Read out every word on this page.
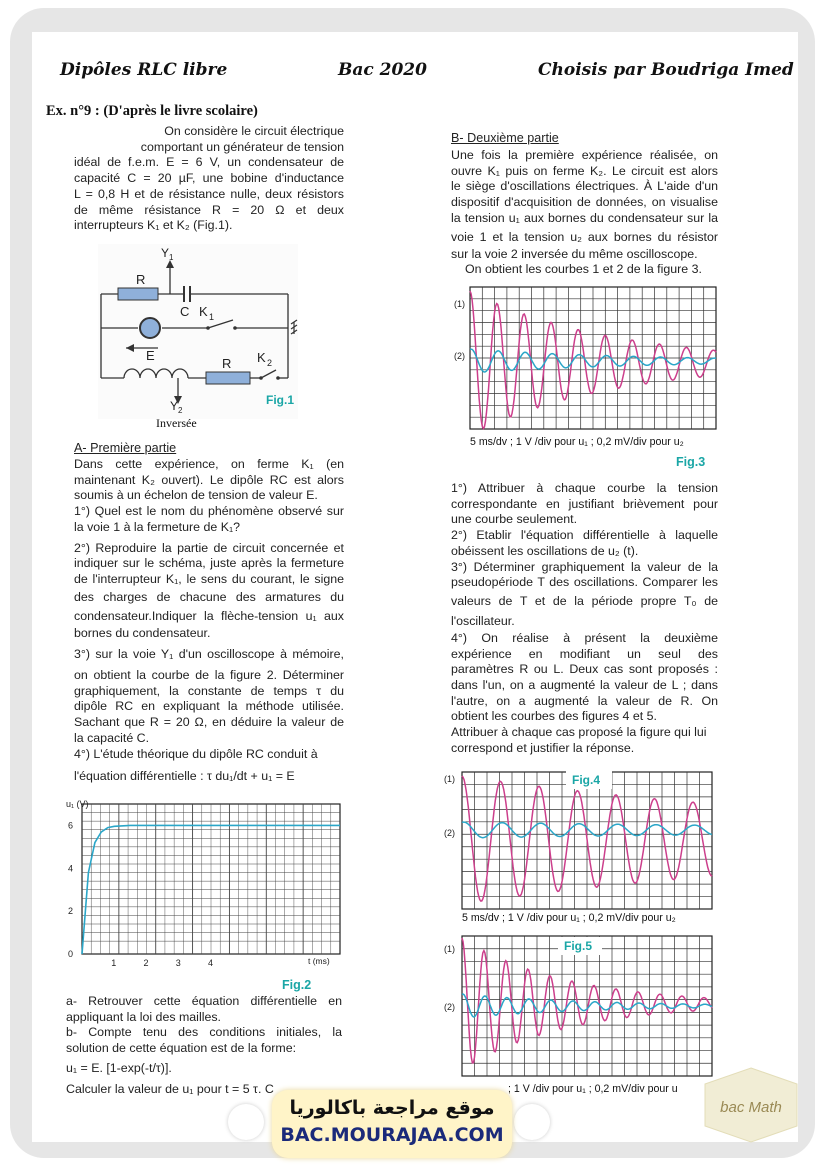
Dipôles RLC libre	Bac 2020	Choisis par Boudriga Imed
Ex. n°9 : (D'après le livre scolaire)
On considère le circuit électrique
comportant un générateur de tension
idéal de f.e.m. E = 6 V, un condensateur de
capacité C = 20 µF, une bobine d'inductance
L = 0,8 H et de résistance nulle, deux résistors
de même résistance R = 20 Ω et deux
interrupteurs K₁ et K₂ (Fig.1).
R
C K 1
E
R K 2
Y 1
Y 2
Fig.1
Inversée
A- Première partie
Dans cette expérience, on ferme K₁ (en
maintenant K₂ ouvert). Le dipôle RC est alors
soumis à un échelon de tension de valeur E.
1°) Quel est le nom du phénomène observé sur
la voie 1 à la fermeture de K₁?
2°) Reproduire la partie de circuit concernée et
indiquer sur le schéma, juste après la fermeture
de l'interrupteur K₁, le sens du courant, le signe
des charges de chacune des armatures du
condensateur.Indiquer la flèche-tension u₁ aux
bornes du condensateur.
3°) sur la voie Y₁ d'un oscilloscope à mémoire,
on obtient la courbe de la figure 2. Déterminer
graphiquement, la constante de temps τ du
dipôle RC en expliquant la méthode utilisée.
Sachant que R = 20 Ω, en déduire la valeur de
la capacité C.
4°) L'étude théorique du dipôle RC conduit à
l'équation différentielle : τ du₁/dt + u₁ = E
0
2
4
6
1	2	3	4
u₁ (V)
t (ms)
Fig.2
a- Retrouver cette équation différentielle en
appliquant la loi des mailles.
b- Compte tenu des conditions initiales, la
solution de cette équation est de la forme:
u₁ = E. [1-exp(-t/τ)].
Calculer la valeur de u₁ pour t = 5 τ. C
B- Deuxième partie
Une fois la première expérience réalisée, on
ouvre K₁ puis on ferme K₂. Le circuit est alors
le siège d'oscillations électriques. À L'aide d'un
dispositif d'acquisition de données, on visualise
la tension u₁ aux bornes du condensateur sur la
voie 1 et la tension u₂ aux bornes du résistor
sur la voie 2 inversée du même oscilloscope.
On obtient les courbes 1 et 2 de la figure 3.
(1)
(2)
5 ms/dv ; 1 V /div pour u₁ ; 0,2 mV/div pour u₂
Fig.3
1°) Attribuer à chaque courbe la tension
correspondante en justifiant brièvement pour
une courbe seulement.
2°) Etablir l'équation différentielle à laquelle
obéissent les oscillations de u₂ (t).
3°) Déterminer graphiquement la valeur de la
pseudopériode T des oscillations. Comparer les
valeurs de T et de la période propre T₀ de
l'oscillateur.
4°) On réalise à présent la deuxième
expérience en modifiant un seul des
paramètres R ou L. Deux cas sont proposés :
dans l'un, on a augmenté la valeur de L ; dans
l'autre, on a augmenté la valeur de R. On
obtient les courbes des figures 4 et 5.
Attribuer à chaque cas proposé la figure qui lui
correspond et justifier la réponse.
Fig.4
(1)
(2)
5 ms/dv ; 1 V /div pour u₁ ; 0,2 mV/div pour u₂
Fig.5
(1)
(2)
; 1 V /div pour u₁ ; 0,2 mV/div pour u
موقع مراجعة باكالوريا
BAC.MOURAJAA.COM
bac Math
